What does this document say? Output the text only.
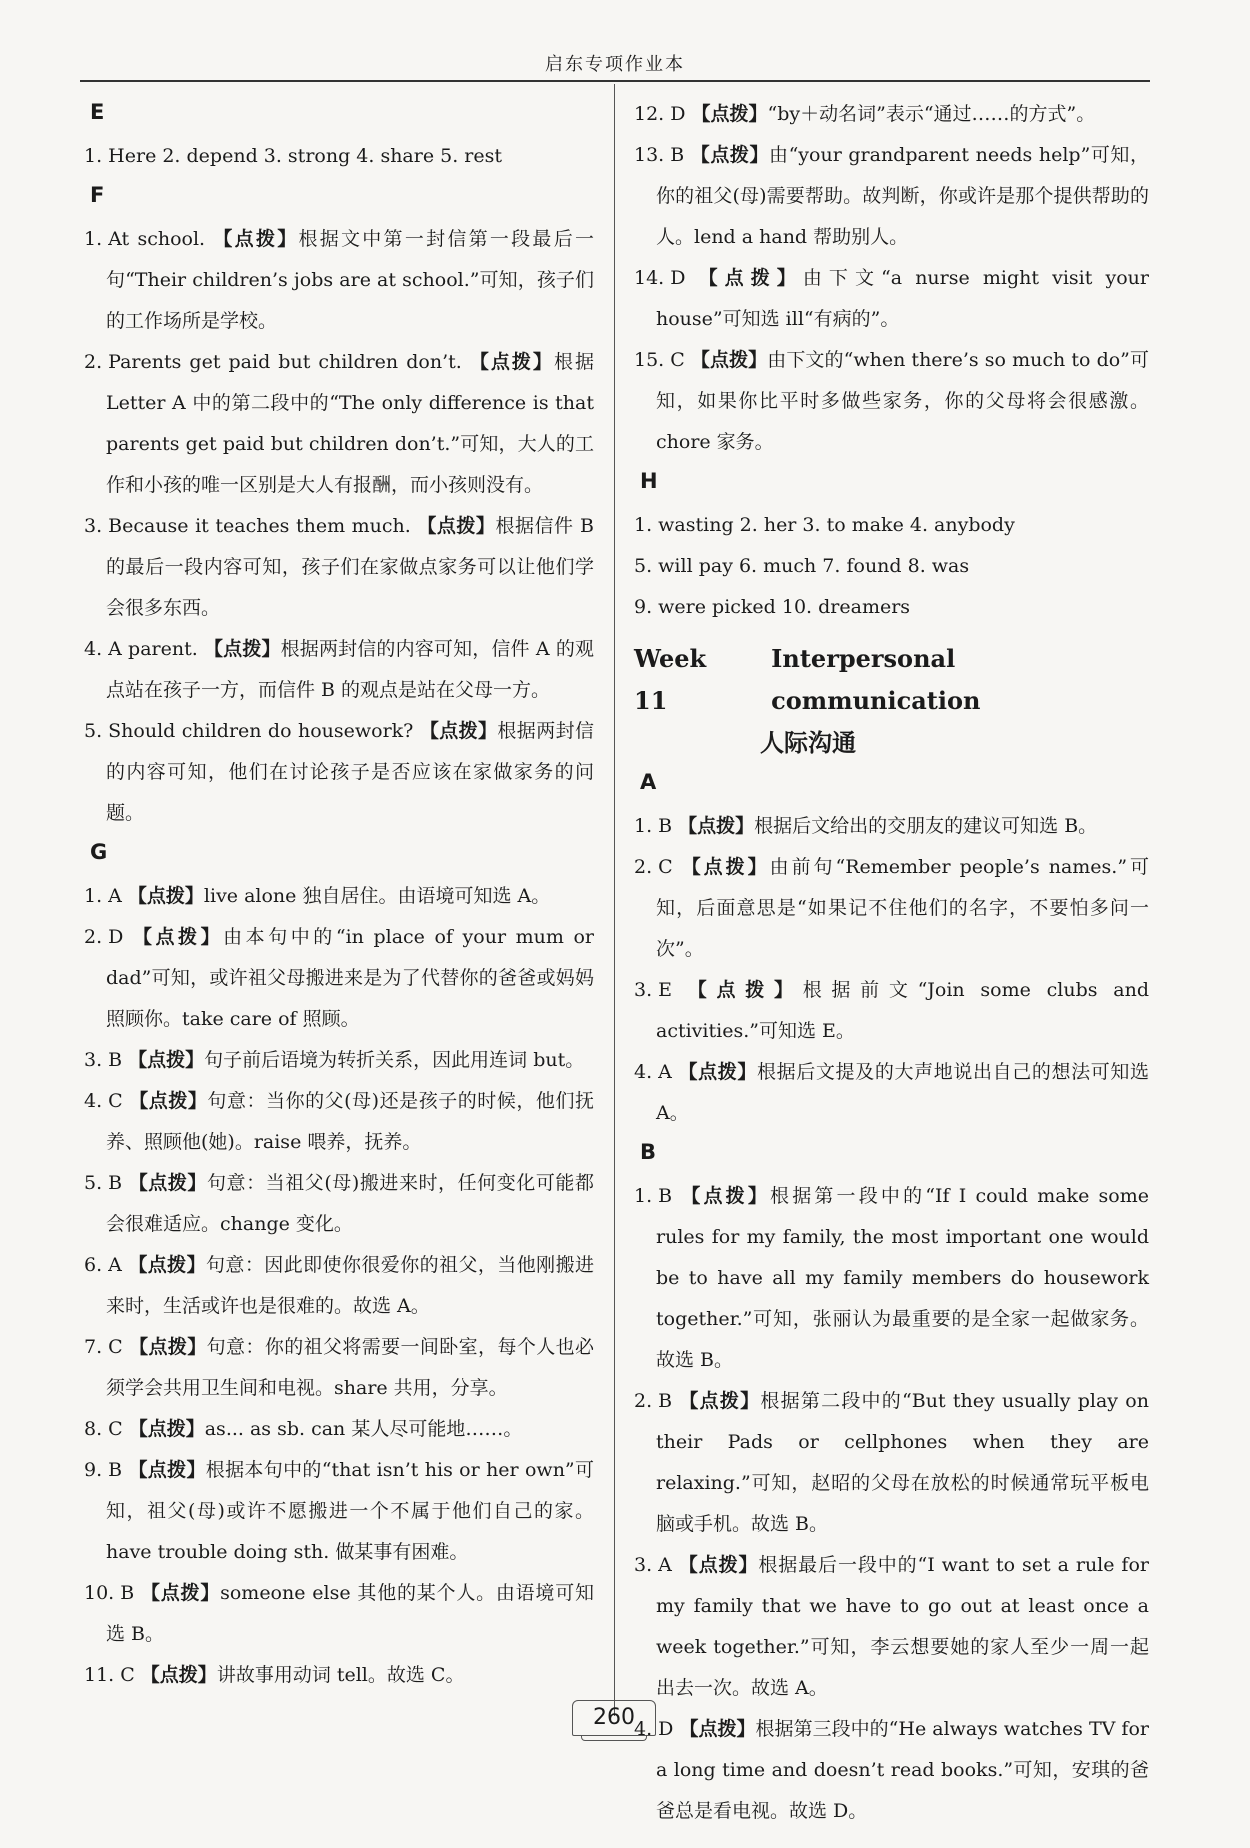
启东专项作业本
E
1. Here 2. depend 3. strong 4. share 5. rest
F
1. At school. 【点拨】根据文中第一封信第一段最后一句“Their children’s jobs are at school.”可知，孩子们的工作场所是学校。
2. Parents get paid but children don’t. 【点拨】根据 Letter A 中的第二段中的“The only difference is that parents get paid but children don’t.”可知，大人的工作和小孩的唯一区别是大人有报酬，而小孩则没有。
3. Because it teaches them much. 【点拨】根据信件 B 的最后一段内容可知，孩子们在家做点家务可以让他们学会很多东西。
4. A parent. 【点拨】根据两封信的内容可知，信件 A 的观点站在孩子一方，而信件 B 的观点是站在父母一方。
5. Should children do housework? 【点拨】根据两封信的内容可知，他们在讨论孩子是否应该在家做家务的问题。
G
1. A 【点拨】live alone 独自居住。由语境可知选 A。
2. D 【点拨】由本句中的“in place of your mum or dad”可知，或许祖父母搬进来是为了代替你的爸爸或妈妈照顾你。take care of 照顾。
3. B 【点拨】句子前后语境为转折关系，因此用连词 but。
4. C 【点拨】句意：当你的父(母)还是孩子的时候，他们抚养、照顾他(她)。raise 喂养，抚养。
5. B 【点拨】句意：当祖父(母)搬进来时，任何变化可能都会很难适应。change 变化。
6. A 【点拨】句意：因此即使你很爱你的祖父，当他刚搬进来时，生活或许也是很难的。故选 A。
7. C 【点拨】句意：你的祖父将需要一间卧室，每个人也必须学会共用卫生间和电视。share 共用，分享。
8. C 【点拨】as... as sb. can 某人尽可能地……。
9. B 【点拨】根据本句中的“that isn’t his or her own”可知，祖父(母)或许不愿搬进一个不属于他们自己的家。have trouble doing sth. 做某事有困难。
10. B 【点拨】someone else 其他的某个人。由语境可知选 B。
11. C 【点拨】讲故事用动词 tell。故选 C。
12. D 【点拨】“by＋动名词”表示“通过……的方式”。
13. B 【点拨】由“your grandparent needs help”可知，你的祖父(母)需要帮助。故判断，你或许是那个提供帮助的人。lend a hand 帮助别人。
14. D 【点拨】由下文“a nurse might visit your house”可知选 ill“有病的”。
15. C 【点拨】由下文的“when there’s so much to do”可知，如果你比平时多做些家务，你的父母将会很感激。chore 家务。
H
1. wasting 2. her 3. to make 4. anybody
5. will pay 6. much 7. found 8. was
9. were picked 10. dreamers
Week 11
Interpersonal communication
人际沟通
A
1. B 【点拨】根据后文给出的交朋友的建议可知选 B。
2. C 【点拨】由前句“Remember people’s names.”可知，后面意思是“如果记不住他们的名字，不要怕多问一次”。
3. E 【点拨】根据前文“Join some clubs and activities.”可知选 E。
4. A 【点拨】根据后文提及的大声地说出自己的想法可知选 A。
B
1. B 【点拨】根据第一段中的“If I could make some rules for my family, the most important one would be to have all my family members do housework together.”可知，张丽认为最重要的是全家一起做家务。故选 B。
2. B 【点拨】根据第二段中的“But they usually play on their Pads or cellphones when they are relaxing.”可知，赵昭的父母在放松的时候通常玩平板电脑或手机。故选 B。
3. A 【点拨】根据最后一段中的“I want to set a rule for my family that we have to go out at least once a week together.”可知，李云想要她的家人至少一周一起出去一次。故选 A。
4. D 【点拨】根据第三段中的“He always watches TV for a long time and doesn’t read books.”可知，安琪的爸爸总是看电视。故选 D。
260
